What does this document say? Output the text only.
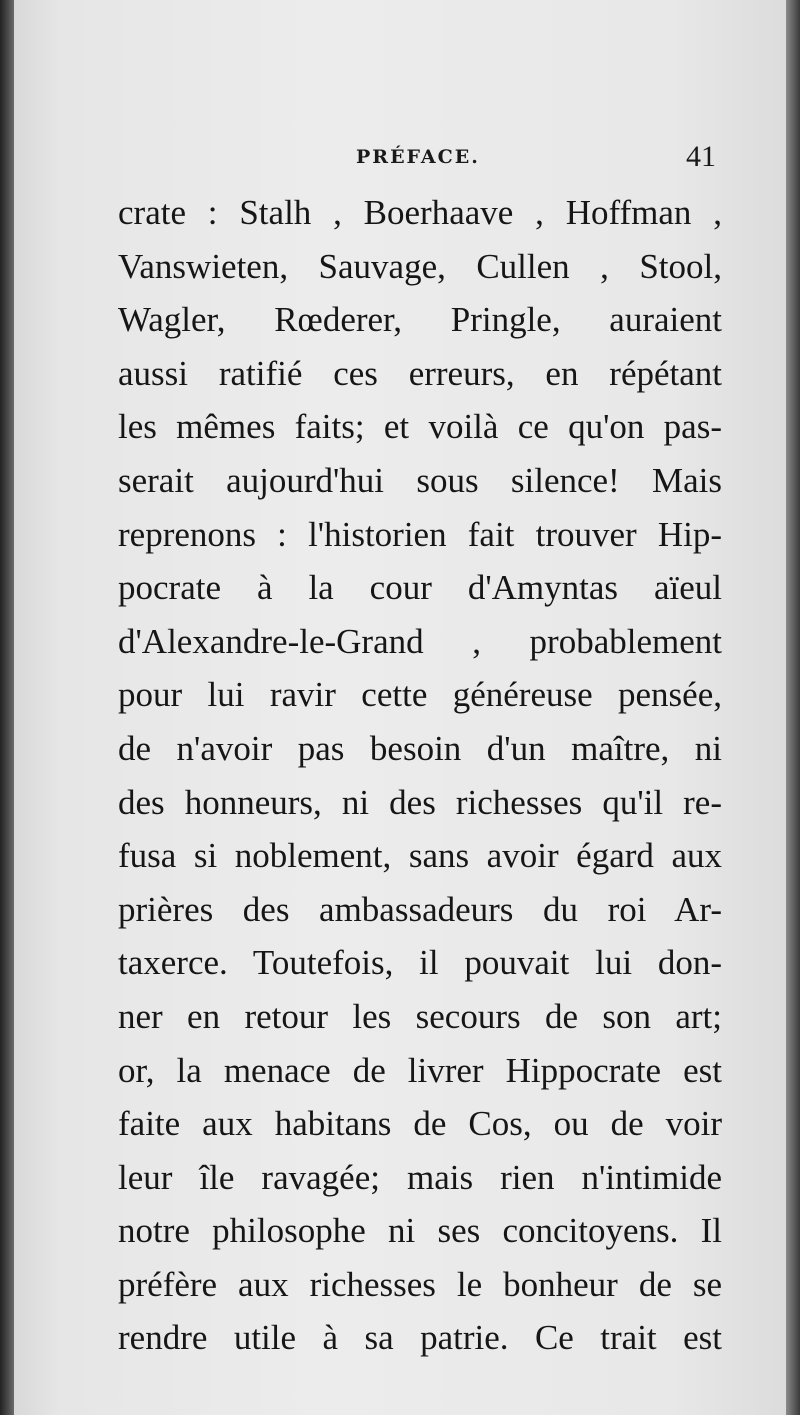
PRÉFACE.	41
crate : Stalh , Boerhaave , Hoffman ,
Vanswieten, Sauvage, Cullen , Stool,
Wagler, Rœderer, Pringle, auraient
aussi ratifié ces erreurs, en répétant
les mêmes faits; et voilà ce qu'on pas-
serait aujourd'hui sous silence! Mais
reprenons : l'historien fait trouver Hip-
pocrate à la cour d'Amyntas aïeul
d'Alexandre-le-Grand , probablement
pour lui ravir cette généreuse pensée,
de n'avoir pas besoin d'un maître, ni
des honneurs, ni des richesses qu'il re-
fusa si noblement, sans avoir égard aux
prières des ambassadeurs du roi Ar-
taxerce. Toutefois, il pouvait lui don-
ner en retour les secours de son art;
or, la menace de livrer Hippocrate est
faite aux habitans de Cos, ou de voir
leur île ravagée; mais rien n'intimide
notre philosophe ni ses concitoyens. Il
préfère aux richesses le bonheur de se
rendre utile à sa patrie. Ce trait est
